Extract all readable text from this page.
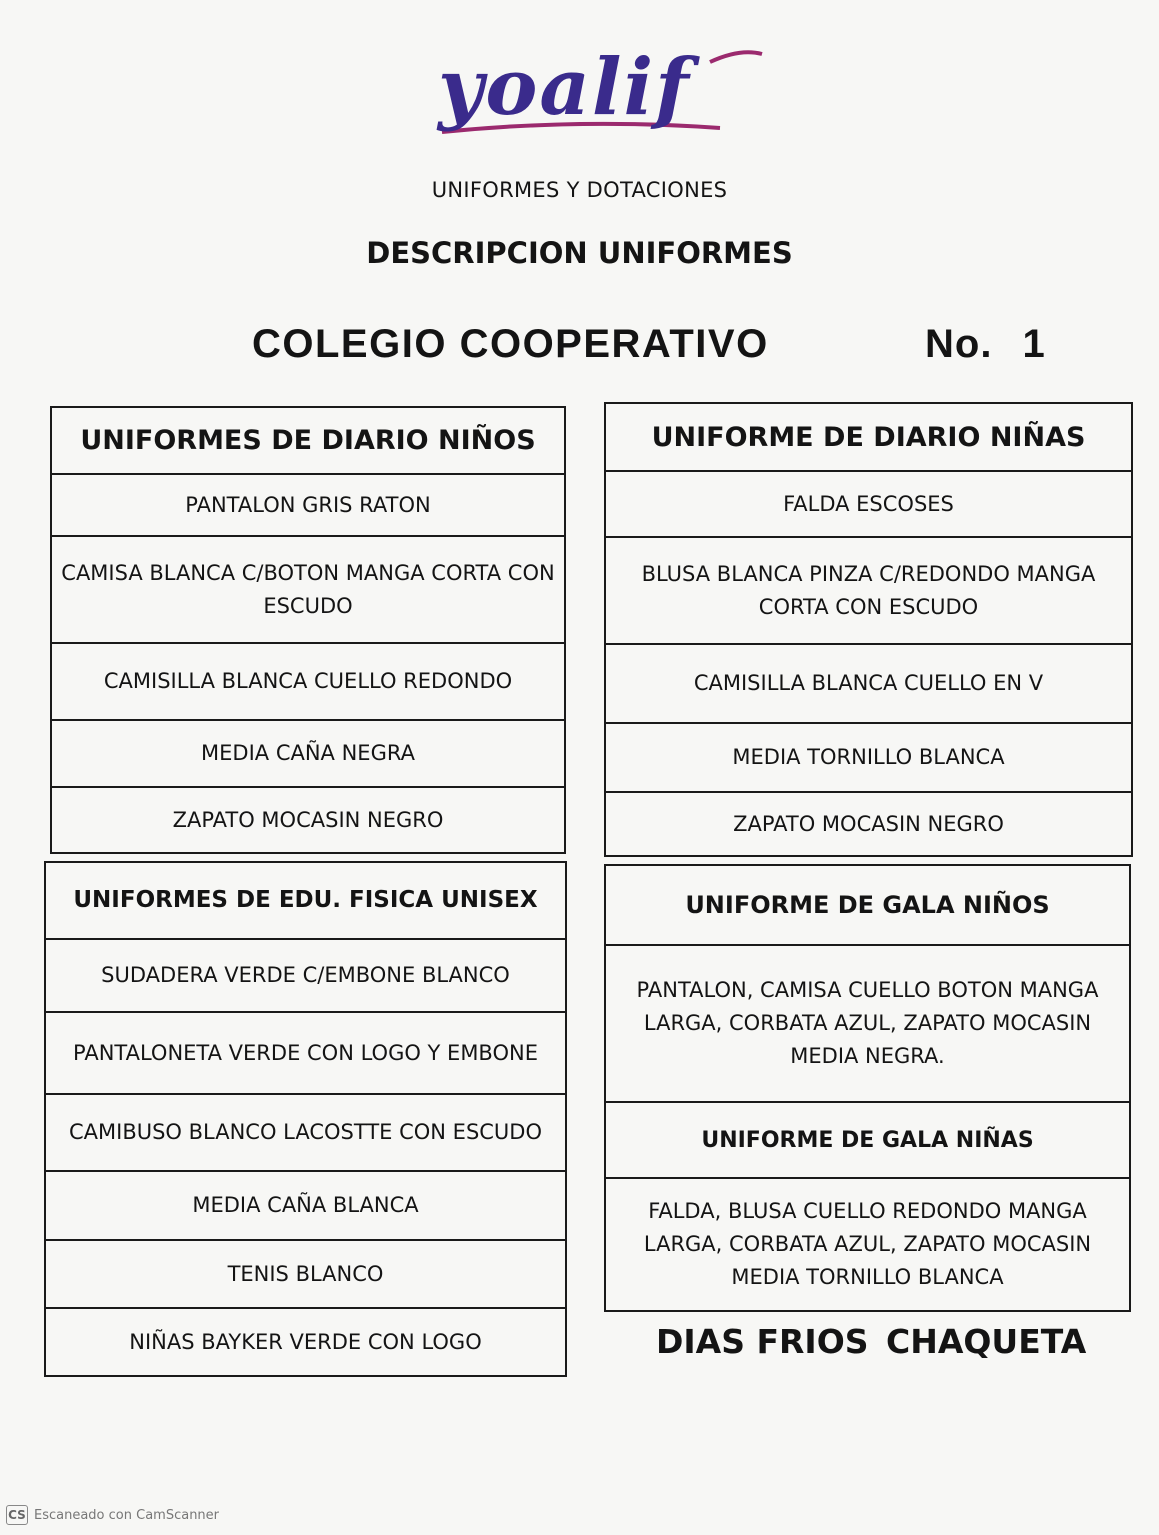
yoalif
UNIFORMES Y DOTACIONES
DESCRIPCION UNIFORMES
COLEGIO COOPERATIVO	No. 1
UNIFORMES DE DIARIO NIÑOS
PANTALON GRIS RATON
CAMISA BLANCA C/BOTON MANGA CORTA CON ESCUDO
CAMISILLA BLANCA CUELLO REDONDO
MEDIA CAÑA NEGRA
ZAPATO MOCASIN NEGRO
UNIFORME DE DIARIO NIÑAS
FALDA ESCOSES
BLUSA BLANCA PINZA C/REDONDO MANGA CORTA CON ESCUDO
CAMISILLA BLANCA CUELLO EN V
MEDIA TORNILLO BLANCA
ZAPATO MOCASIN NEGRO
UNIFORMES DE EDU. FISICA UNISEX
SUDADERA VERDE C/EMBONE BLANCO
PANTALONETA VERDE CON LOGO Y EMBONE
CAMIBUSO BLANCO LACOSTTE CON ESCUDO
MEDIA CAÑA BLANCA
TENIS BLANCO
NIÑAS BAYKER VERDE CON LOGO
UNIFORME DE GALA NIÑOS
PANTALON, CAMISA CUELLO BOTON MANGA LARGA, CORBATA AZUL, ZAPATO MOCASIN MEDIA NEGRA.
UNIFORME DE GALA NIÑAS
FALDA, BLUSA CUELLO REDONDO MANGA LARGA, CORBATA AZUL, ZAPATO MOCASIN MEDIA TORNILLO BLANCA
DIAS FRIOS CHAQUETA
CS Escaneado con CamScanner
